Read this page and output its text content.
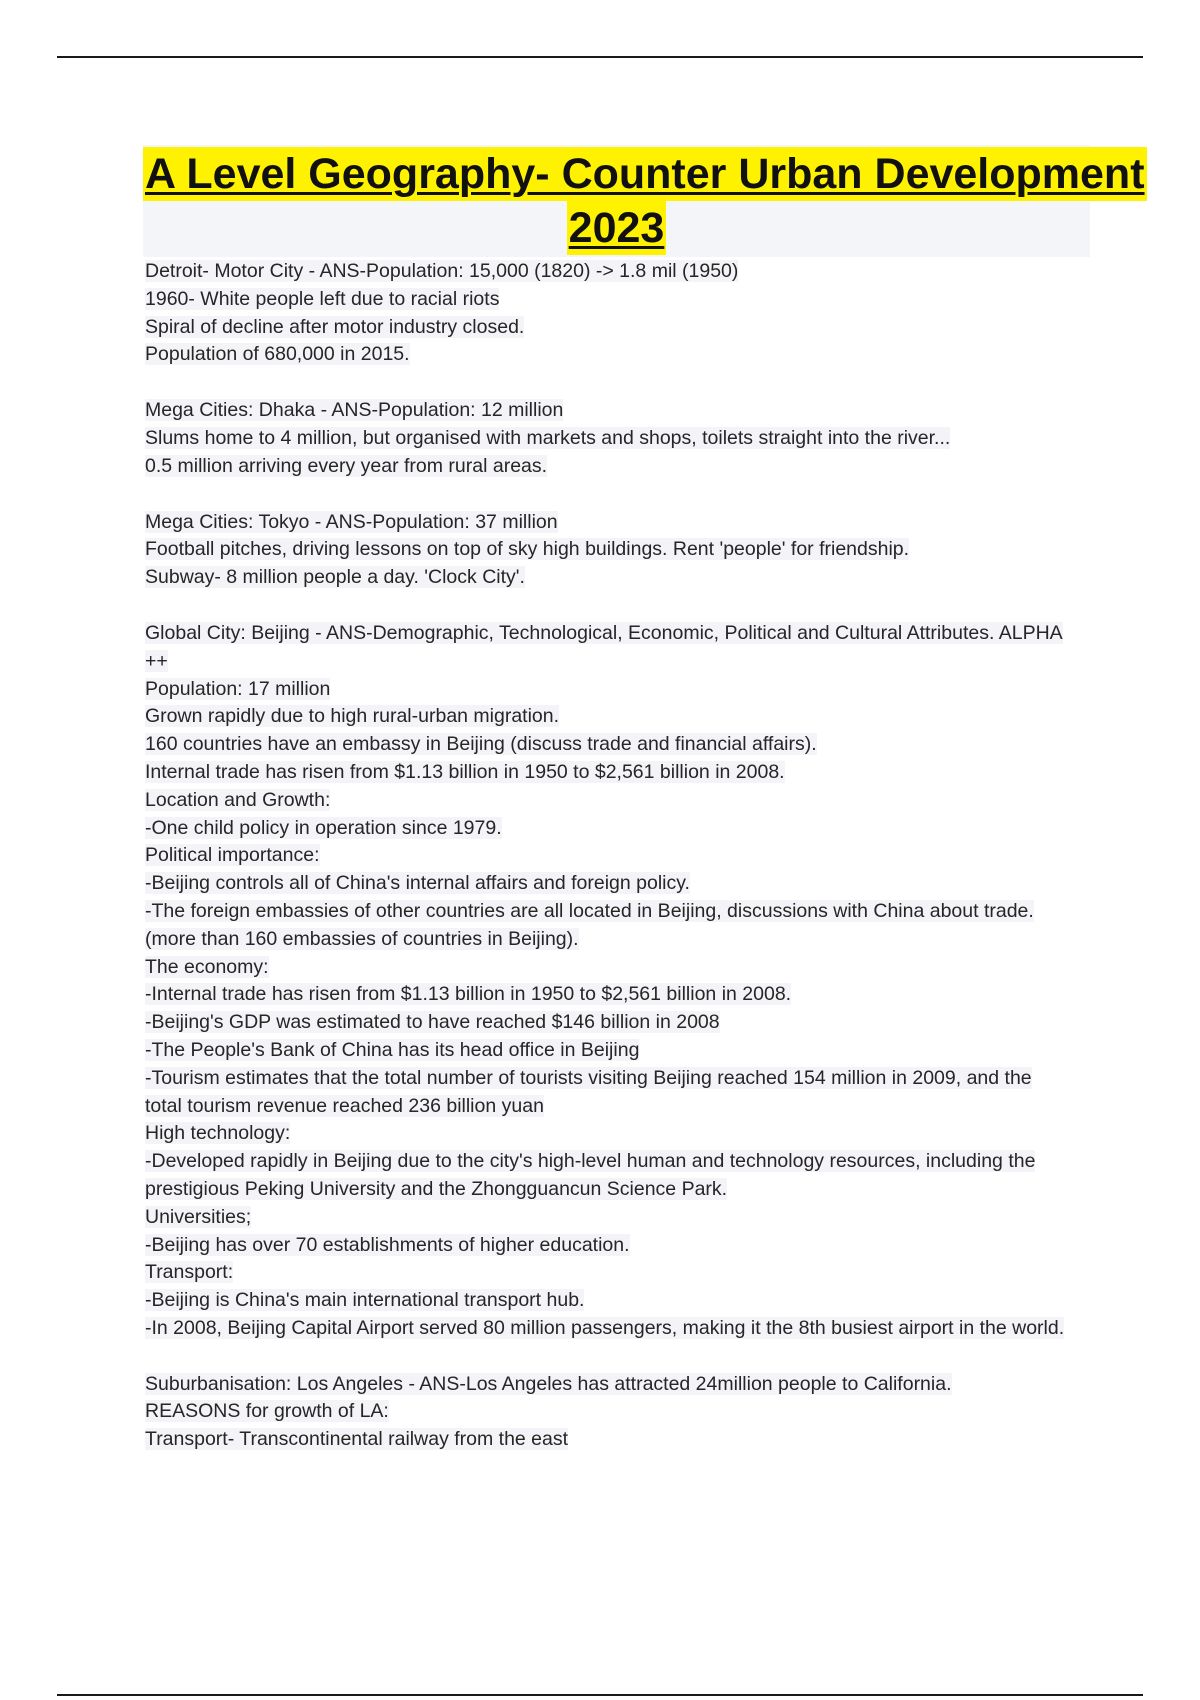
A Level Geography- Counter Urban Development
2023
Detroit- Motor City - ANS-Population: 15,000 (1820) -> 1.8 mil (1950)
1960- White people left due to racial riots
Spiral of decline after motor industry closed.
Population of 680,000 in 2015.
Mega Cities: Dhaka - ANS-Population: 12 million
Slums home to 4 million, but organised with markets and shops, toilets straight into the river...
0.5 million arriving every year from rural areas.
Mega Cities: Tokyo - ANS-Population: 37 million
Football pitches, driving lessons on top of sky high buildings. Rent 'people' for friendship.
Subway- 8 million people a day. 'Clock City'.
Global City: Beijing - ANS-Demographic, Technological, Economic, Political and Cultural Attributes. ALPHA
++
Population: 17 million
Grown rapidly due to high rural-urban migration.
160 countries have an embassy in Beijing (discuss trade and financial affairs).
Internal trade has risen from $1.13 billion in 1950 to $2,561 billion in 2008.
Location and Growth:
-One child policy in operation since 1979.
Political importance:
-Beijing controls all of China's internal affairs and foreign policy.
-The foreign embassies of other countries are all located in Beijing, discussions with China about trade.
(more than 160 embassies of countries in Beijing).
The economy:
-Internal trade has risen from $1.13 billion in 1950 to $2,561 billion in 2008.
-Beijing's GDP was estimated to have reached $146 billion in 2008
-The People's Bank of China has its head office in Beijing
-Tourism estimates that the total number of tourists visiting Beijing reached 154 million in 2009, and the
total tourism revenue reached 236 billion yuan
High technology:
-Developed rapidly in Beijing due to the city's high-level human and technology resources, including the
prestigious Peking University and the Zhongguancun Science Park.
Universities;
-Beijing has over 70 establishments of higher education.
Transport:
-Beijing is China's main international transport hub.
-In 2008, Beijing Capital Airport served 80 million passengers, making it the 8th busiest airport in the world.
Suburbanisation: Los Angeles - ANS-Los Angeles has attracted 24million people to California.
REASONS for growth of LA:
Transport- Transcontinental railway from the east
